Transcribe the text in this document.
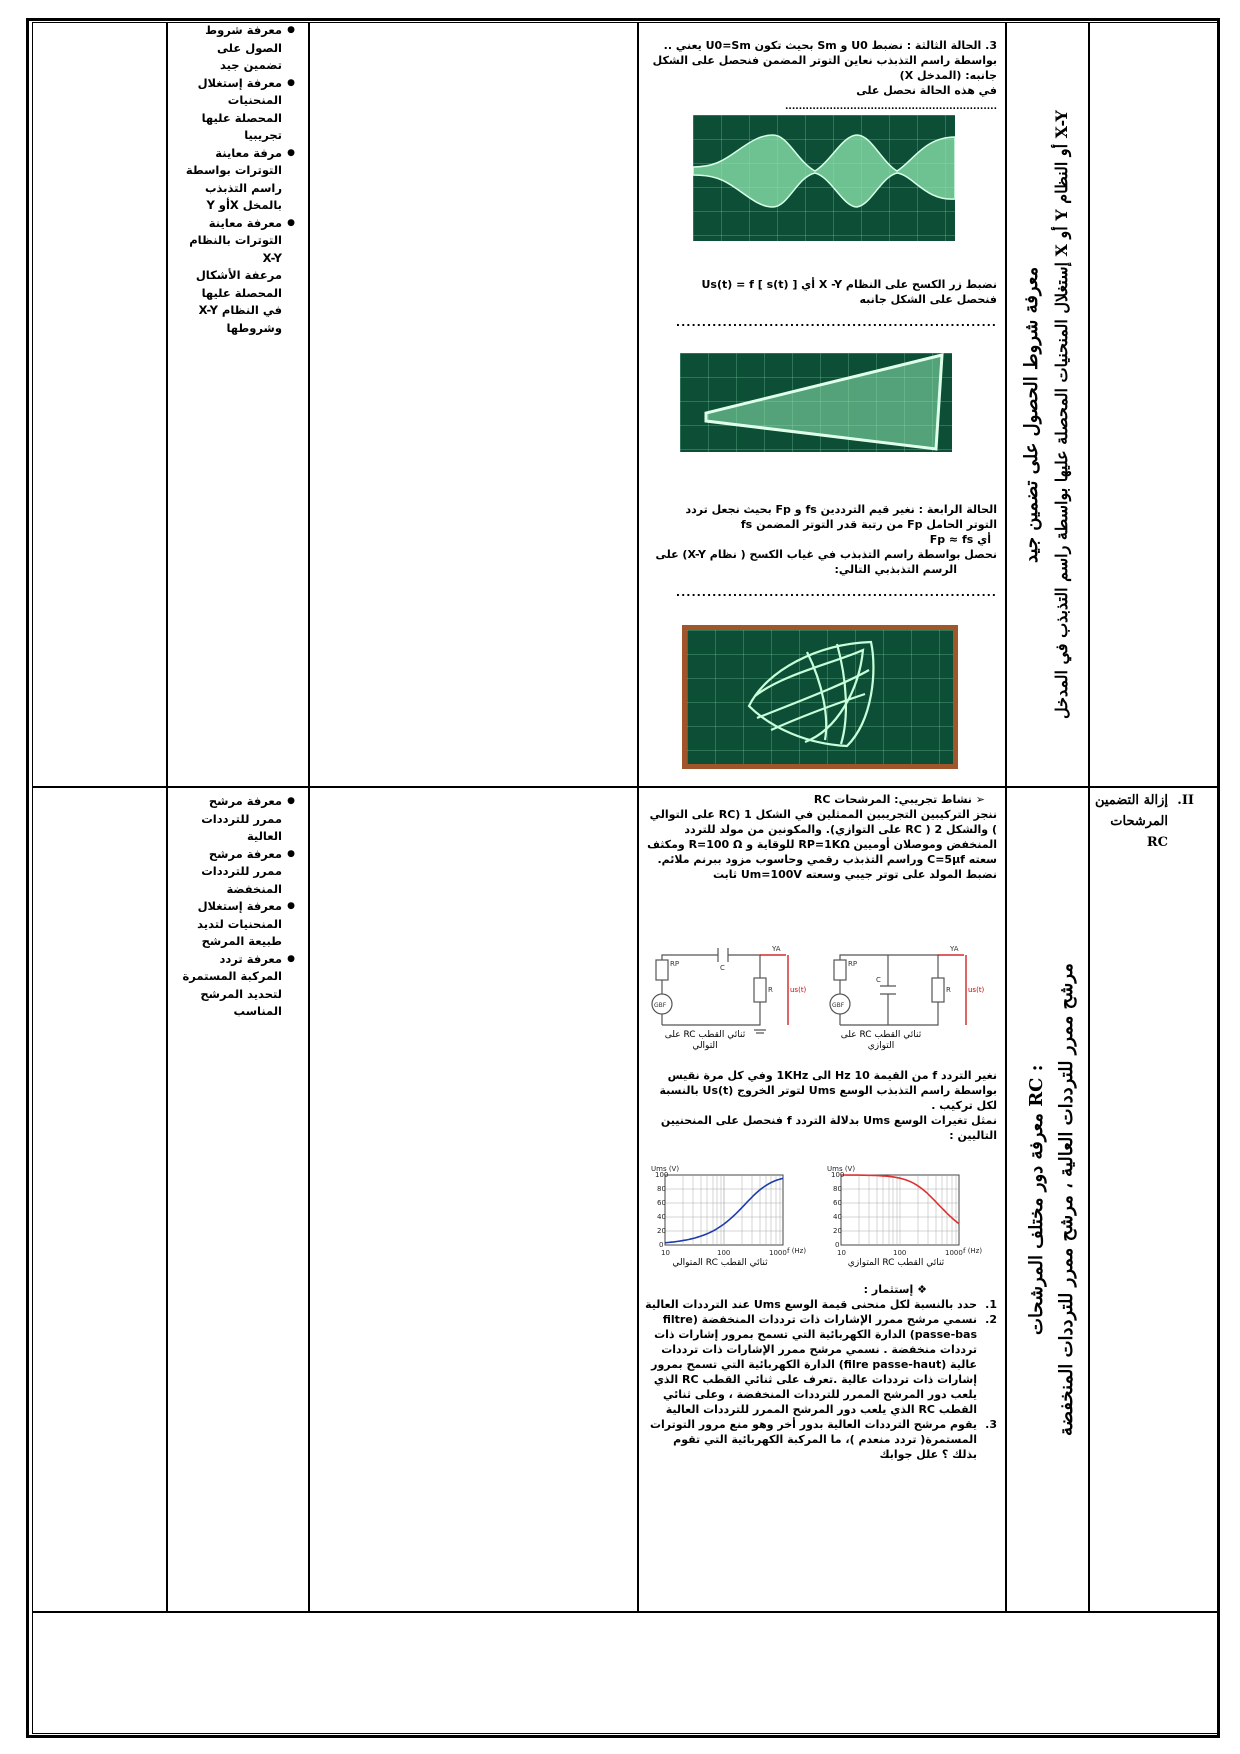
● معرفة شروط الصول على تضمين جيد
● معرفة إستغلال المنحنيات المحصلة عليها تجريبيا
● مرفة معاينة التوترات بواسطة راسم التذبذب بالمخل Xأو Y
● معرفة معاينة التوترات بالنظام X-Y

مرعفة الأشكال المحصلة عليها في النظام X-Y وشروطها

3. الحالة الثالثة : نضبط U0 و Sm بحيث تكون U0=Sm يعني ..

بواسطة راسم التذبذب نعاين التوتر المضمن فنحصل على الشكل

جانبه: (المدخل X)

في هذه الحالة نحصل على ..............................................................

نضبط زر الكسح على النظام X -Y أي Us(t) = f [ s(t) ]

فنحصل على الشكل جانبه

..............................................................

الحالة الرابعة : نغير قيم الترددين fs و Fp بحيث نجعل تردد

التوتر الحامل Fp من رتبة قدر التوتر المضمن fs

أي Fp ≈ fs

نحصل بواسطة راسم التذبذب في غياب الكسح ( نظام X-Y) على

الرسم التذبذبي التالي:

..............................................................

معرفة شروط الحصول على تضمين جيد إستغلال المنحنيات المحصلة عليها بواسطة راسم التذبذب في المدخل X أو Y أو النظام X-Y
● معرفة مرشح ممرر للترددات العالية
● معرفة مرشح ممرر للترددات المنخفضة
● معرفة إستغلال المنحنيات لتديد طبيعة المرشح
● معرفة تردد المركبة المستمرة لتحديد المرشح المناسب
II.
إزالة التضمين المرشحات RC

➢ نشاط تجريبي: المرشحات RC

ننجز التركيبين التجريبين الممثلين في الشكل 1 (RC على التوالي ) والشكل 2 ( RC على التوازي). والمكونين من مولد للتردد المنخفض وموصلان أوميين RP=1KΩ للوقاية و R=100 Ω ومكثف سعته C=5µf وراسم التذبذب رقمي وحاسوب مزود ببرنم ملائم.

نضبط المولد على توتر جيبي وسعته Um=100V ثابت

RP
GBF
C
R
YA
us(t)
RP
GBF
C
R
YA
us(t)
ثنائي القطب RC على التوالي
ثنائي القطب RC على التوازي

نغير التردد f من القيمة 10 Hz الى 1KHz وفي كل مرة نقيس بواسطة راسم التذبذب الوسع Ums لتوتر الخروج Us(t) بالنسبة لكل تركيب .

نمثل تغيرات الوسع Ums بدلالة التردد f فنحصل على المنحنيين التاليين :

Ums (V)
100
80
60
40
20
0
10	100	1000 f (Hz)
Ums (V)
100
80
60
40
20
0
10	100	1000 f (Hz)
ثنائي القطب RC المتوالي	ثنائي القطب RC المتوازي

❖ إستثمار :

1.
حدد بالنسبة لكل منحنى قيمة الوسع Ums عند الترددات العالية
2.
نسمي مرشح ممرر الإشارات ذات ترددات المنخفضة (filtre passe-bas) الدارة الكهربائية التي تسمح بمرور إشارات ذات ترددات منخفضة . نسمي مرشح ممرر الإشارات ذات ترددات عالية (filre passe-haut) الدارة الكهربائية التي تسمح بمرور إشارات ذات ترددات عالية .تعرف على ثنائي القطب RC الذي يلعب دور المرشح الممرر للترددات المنخفضة ، وعلى ثنائي القطب RC الذي يلعب دور المرشح الممرر للترددات العالية
3.
يقوم مرشح الترددات العالية بدور أخر وهو منع مرور التوترات المستمرة( تردد منعدم )، ما المركبة الكهربائية التي تقوم بذلك ؟ علل جوابك
معرفة دور مختلف المرشحات RC : مرشح ممرر للترددات العالية ، مرشح ممرر للترددات المنخفضة
